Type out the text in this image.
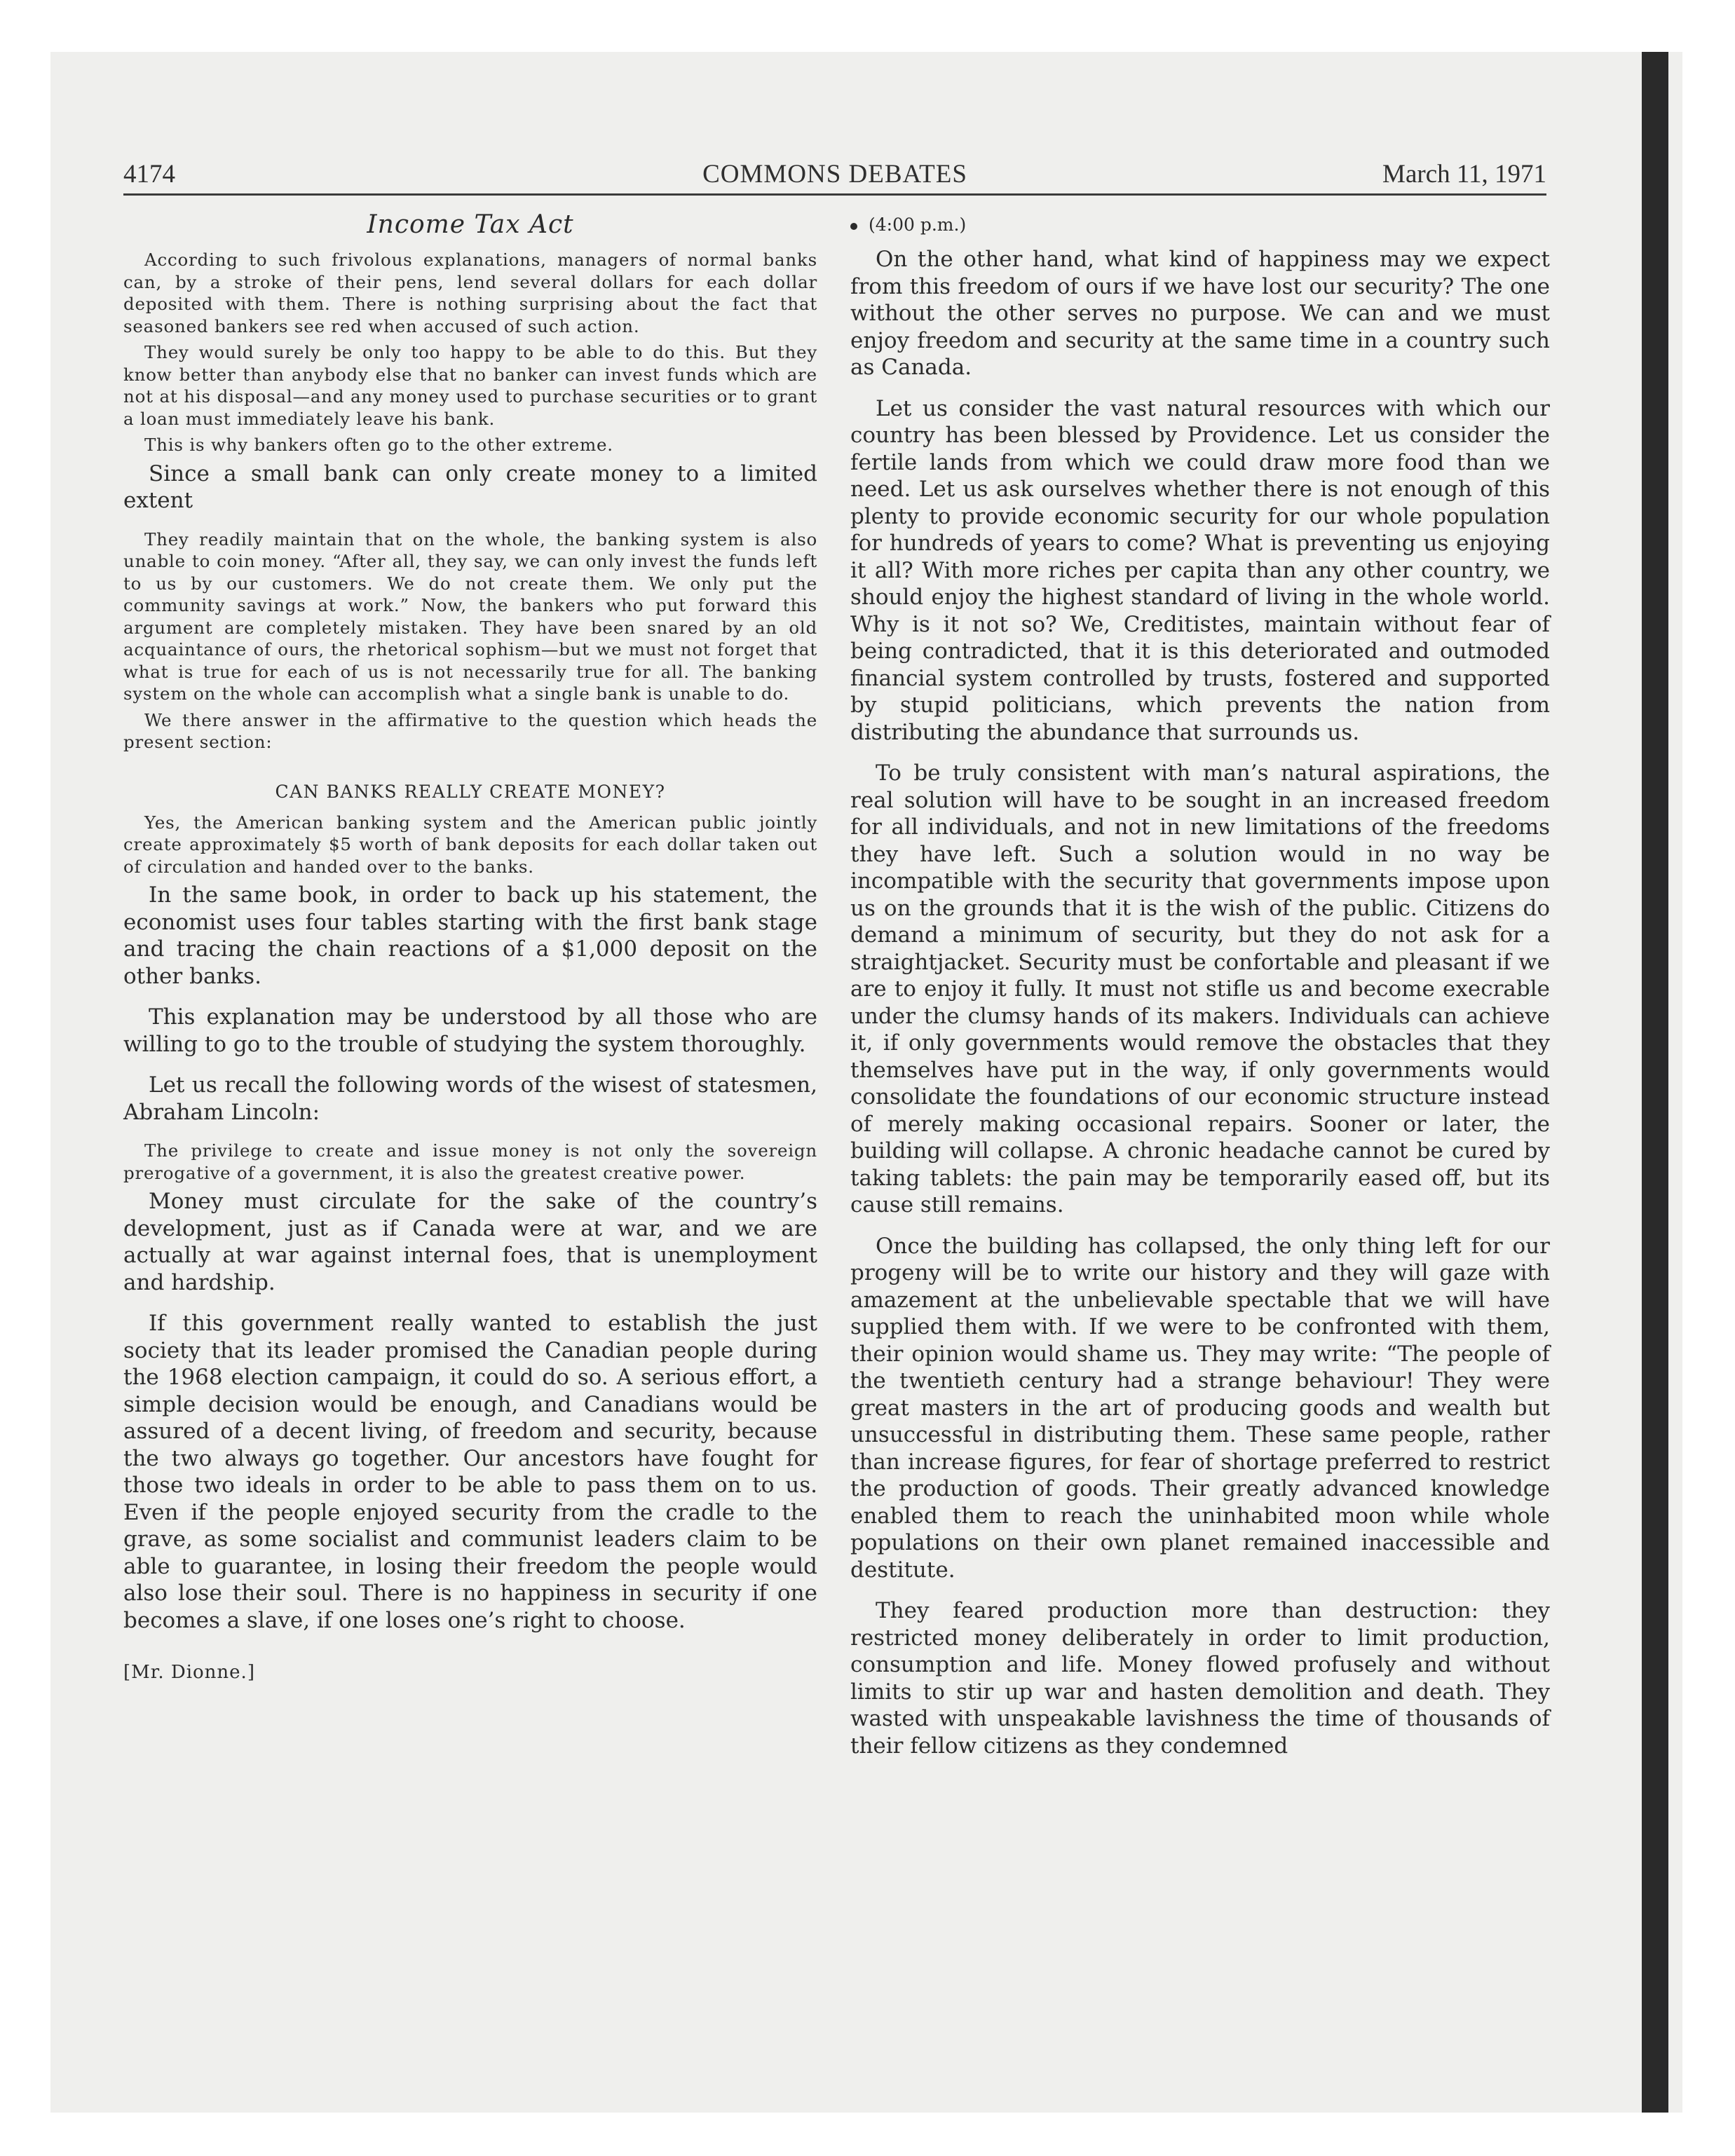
4174	COMMONS DEBATES	March 11, 1971
Income Tax Act

According to such frivolous explanations, managers of normal banks can, by a stroke of their pens, lend several dollars for each dollar deposited with them. There is nothing surprising about the fact that seasoned bankers see red when accused of such action.

They would surely be only too happy to be able to do this. But they know better than anybody else that no banker can invest funds which are not at his disposal—and any money used to purchase securities or to grant a loan must immediately leave his bank.

This is why bankers often go to the other extreme.

Since a small bank can only create money to a limited extent

They readily maintain that on the whole, the banking system is also unable to coin money. “After all, they say, we can only invest the funds left to us by our customers. We do not create them. We only put the community savings at work.” Now, the bankers who put forward this argument are completely mistaken. They have been snared by an old acquaintance of ours, the rhetorical sophism—but we must not forget that what is true for each of us is not necessarily true for all. The banking system on the whole can accomplish what a single bank is unable to do.

We there answer in the affirmative to the question which heads the present section:

CAN BANKS REALLY CREATE MONEY?

Yes, the American banking system and the American public jointly create approximately $5 worth of bank deposits for each dollar taken out of circulation and handed over to the banks.

In the same book, in order to back up his statement, the economist uses four tables starting with the first bank stage and tracing the chain reactions of a $1,000 deposit on the other banks.

This explanation may be understood by all those who are willing to go to the trouble of studying the system thoroughly.

Let us recall the following words of the wisest of statesmen, Abraham Lincoln:

The privilege to create and issue money is not only the sovereign prerogative of a government, it is also the greatest creative power.

Money must circulate for the sake of the country’s development, just as if Canada were at war, and we are actually at war against internal foes, that is unemployment and hardship.

If this government really wanted to establish the just society that its leader promised the Canadian people during the 1968 election campaign, it could do so. A serious effort, a simple decision would be enough, and Canadians would be assured of a decent living, of freedom and security, because the two always go together. Our ancestors have fought for those two ideals in order to be able to pass them on to us. Even if the people enjoyed security from the cradle to the grave, as some socialist and communist leaders claim to be able to guarantee, in losing their freedom the people would also lose their soul. There is no happiness in security if one becomes a slave, if one loses one’s right to choose.

[Mr. Dionne.]
(4:00 p.m.)

On the other hand, what kind of happiness may we expect from this freedom of ours if we have lost our security? The one without the other serves no purpose. We can and we must enjoy freedom and security at the same time in a country such as Canada.

Let us consider the vast natural resources with which our country has been blessed by Providence. Let us consider the fertile lands from which we could draw more food than we need. Let us ask ourselves whether there is not enough of this plenty to provide economic security for our whole population for hundreds of years to come? What is preventing us enjoying it all? With more riches per capita than any other country, we should enjoy the highest standard of living in the whole world. Why is it not so? We, Creditistes, maintain without fear of being contradicted, that it is this deteriorated and outmoded financial system controlled by trusts, fostered and supported by stupid politicians, which prevents the nation from distributing the abundance that surrounds us.

To be truly consistent with man’s natural aspirations, the real solution will have to be sought in an increased freedom for all individuals, and not in new limitations of the freedoms they have left. Such a solution would in no way be incompatible with the security that governments impose upon us on the grounds that it is the wish of the public. Citizens do demand a minimum of security, but they do not ask for a straightjacket. Security must be confortable and pleasant if we are to enjoy it fully. It must not stifle us and become execrable under the clumsy hands of its makers. Individuals can achieve it, if only governments would remove the obstacles that they themselves have put in the way, if only governments would consolidate the foundations of our economic structure instead of merely making occasional repairs. Sooner or later, the building will collapse. A chronic headache cannot be cured by taking tablets: the pain may be temporarily eased off, but its cause still remains.

Once the building has collapsed, the only thing left for our progeny will be to write our history and they will gaze with amazement at the unbelievable spectable that we will have supplied them with. If we were to be confronted with them, their opinion would shame us. They may write: “The people of the twentieth century had a strange behaviour! They were great masters in the art of producing goods and wealth but unsuccessful in distributing them. These same people, rather than increase figures, for fear of shortage preferred to restrict the production of goods. Their greatly advanced knowledge enabled them to reach the uninhabited moon while whole populations on their own planet remained inaccessible and destitute.

They feared production more than destruction: they restricted money deliberately in order to limit production, consumption and life. Money flowed profusely and without limits to stir up war and hasten demolition and death. They wasted with unspeakable lavishness the time of thousands of their fellow citizens as they condemned
